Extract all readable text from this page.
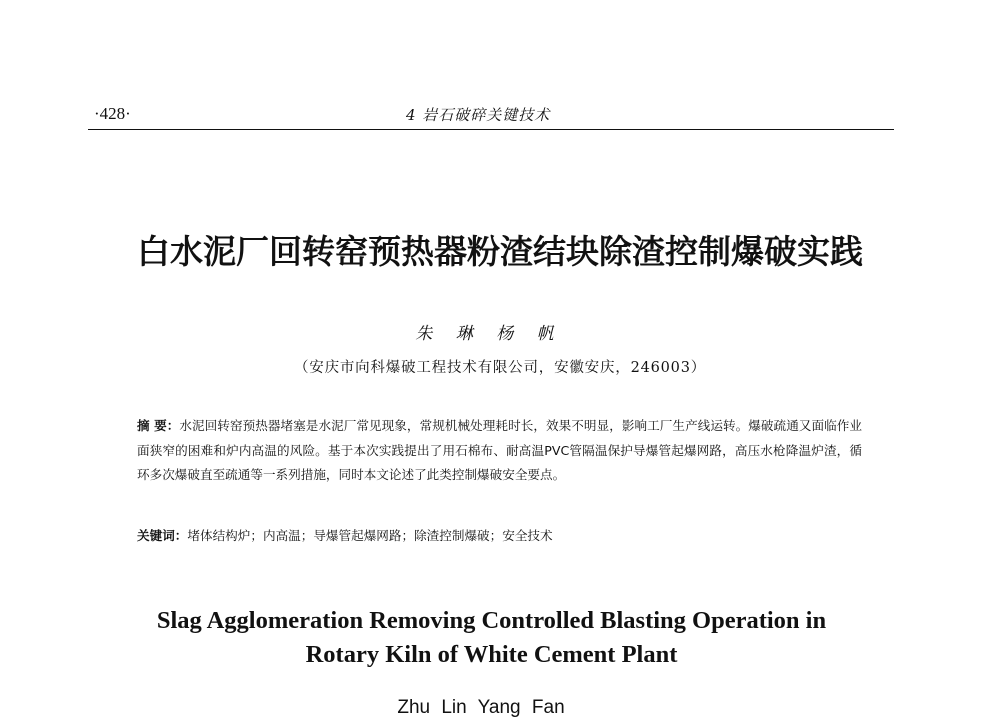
·428·	4 岩石破碎关键技术
白水泥厂回转窑预热器粉渣结块除渣控制爆破实践
朱 琳 杨 帆
（安庆市向科爆破工程技术有限公司，安徽安庆，246003）
摘 要：水泥回转窑预热器堵塞是水泥厂常见现象，常规机械处理耗时长，效果不明显，影响工厂生产线运转。爆破疏通又面临作业面狭窄的困难和炉内高温的风险。基于本次实践提出了用石棉布、耐高温PVC管隔温保护导爆管起爆网路，高压水枪降温炉渣，循环多次爆破直至疏通等一系列措施，同时本文论述了此类控制爆破安全要点。
关键词：堵体结构炉；内高温；导爆管起爆网路；除渣控制爆破；安全技术
Slag Agglomeration Removing Controlled Blasting Operation in
Rotary Kiln of White Cement Plant
Zhu Lin Yang Fan
